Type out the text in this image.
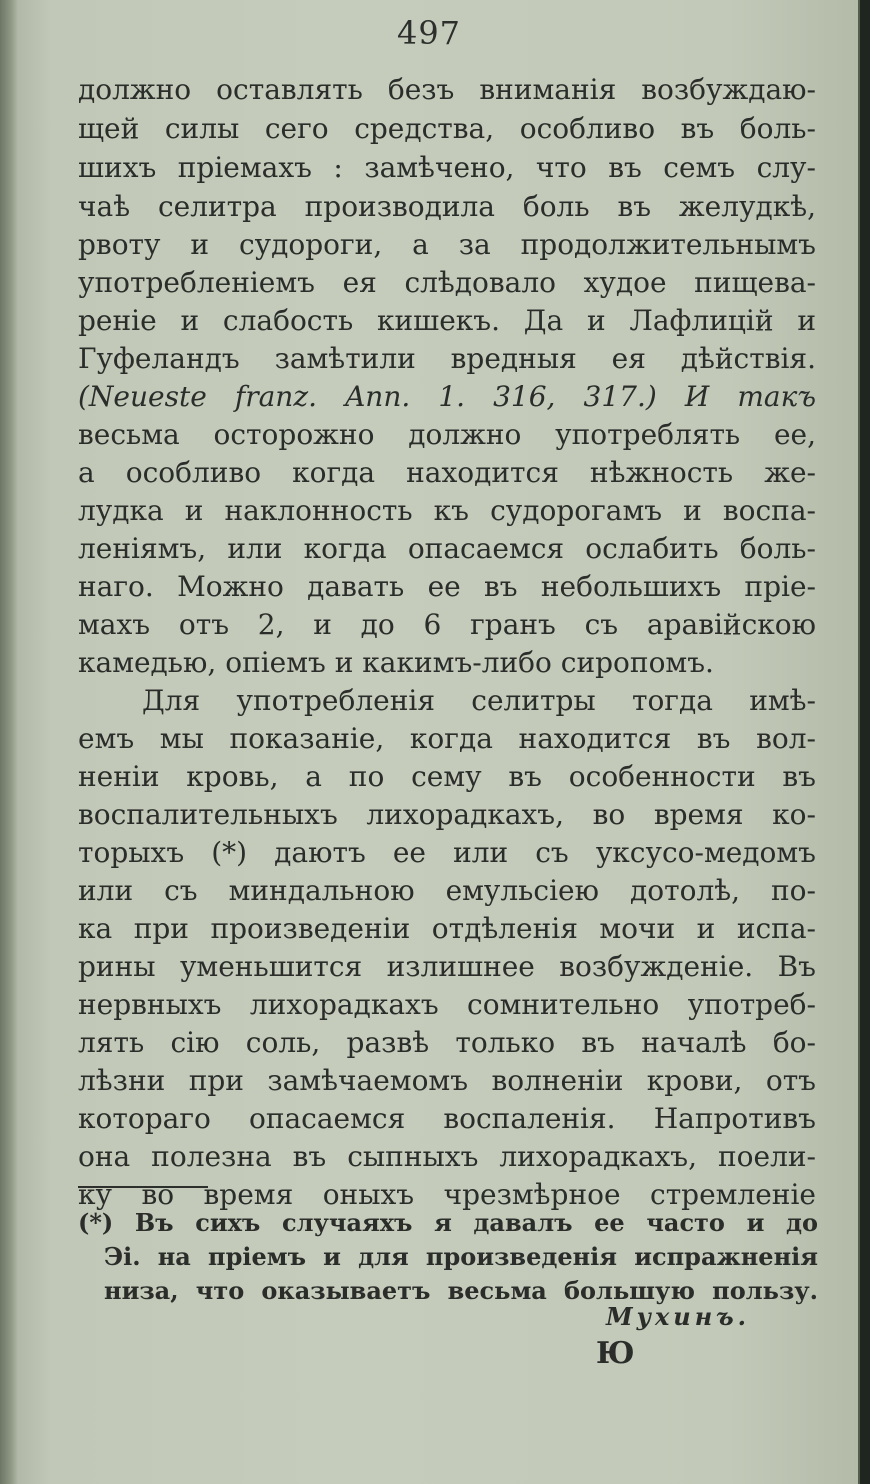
497
должно оставлять безъ вниманія возбуждаю-
щей силы сего средства, особливо въ боль-
шихъ пріемахъ : замѣчено, что въ семъ слу-
чаѣ селитра производила боль въ желудкѣ,
рвоту и судороги, а за продолжительнымъ
употребленіемъ ея слѣдовало худое пищева-
реніе и слабость кишекъ. Да и Лафлицій и
Гуфеландъ замѣтили вредныя ея дѣйствія.
(Neueste franz. Ann. 1. 316, 317.) И такъ
весьма осторожно должно употреблять ее,
а особливо когда находится нѣжность же-
лудка и наклонность къ судорогамъ и воспа-
леніямъ, или когда опасаемся ослабить боль-
наго. Можно давать ее въ небольшихъ пріе-
махъ отъ 2, и до 6 гранъ съ аравійскою
камедью, опіемъ и какимъ-либо сиропомъ.
Для употребленія селитры тогда имѣ-
емъ мы показаніе, когда находится въ вол-
неніи кровь, а по сему въ особенности въ
воспалительныхъ лихорадкахъ, во время ко-
торыхъ (*) даютъ ее или съ уксусо-медомъ
или съ миндальною емульсіею дотолѣ, по-
ка при произведеніи отдѣленія мочи и испа-
рины уменьшится излишнее возбужденіе. Въ
нервныхъ лихорадкахъ сомнительно употреб-
лять сію соль, развѣ только въ началѣ бо-
лѣзни при замѣчаемомъ волненіи крови, отъ
котораго опасаемся воспаленія. Напротивъ
она полезна въ сыпныхъ лихорадкахъ, поели-
ку во время оныхъ чрезмѣрное стремленіе
(*) Въ сихъ случаяхъ я давалъ ее часто и до
Эі. на пріемъ и для произведенія испражненія
низа, что оказываетъ весьма большую пользу.
Мухинъ.
Ю
